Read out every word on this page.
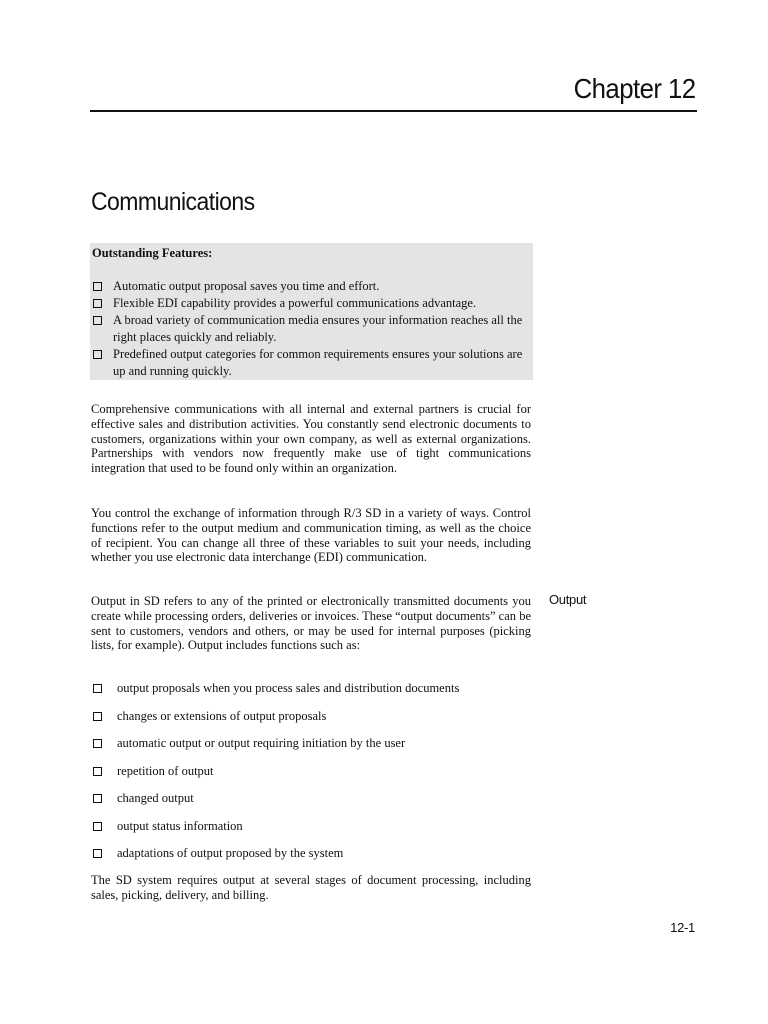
Chapter 12
Communications
Outstanding Features:
Automatic output proposal saves you time and effort.
Flexible EDI capability provides a powerful communications advantage.
A broad variety of communication media ensures your information reaches all the right places quickly and reliably.
Predefined output categories for common requirements ensures your solutions are up and running quickly.

Comprehensive communications with all internal and external partners is crucial for effective sales and distribution activities. You constantly send electronic documents to customers, organizations within your own company, as well as external organizations. Partnerships with vendors now frequently make use of tight communications integration that used to be found only within an organization.

You control the exchange of information through R/3 SD in a variety of ways. Control functions refer to the output medium and communication timing, as well as the choice of recipient. You can change all three of these variables to suit your needs, including whether you use electronic data interchange (EDI) communication.

Output in SD refers to any of the printed or electronically transmitted documents you create while processing orders, deliveries or invoices. These “output documents” can be sent to customers, vendors and others, or may be used for internal purposes (picking lists, for example). Output includes functions such as:

Output
output proposals when you process sales and distribution documents
changes or extensions of output proposals
automatic output or output requiring initiation by the user
repetition of output
changed output
output status information
adaptations of output proposed by the system

The SD system requires output at several stages of document processing, including sales, picking, delivery, and billing.

12-1
